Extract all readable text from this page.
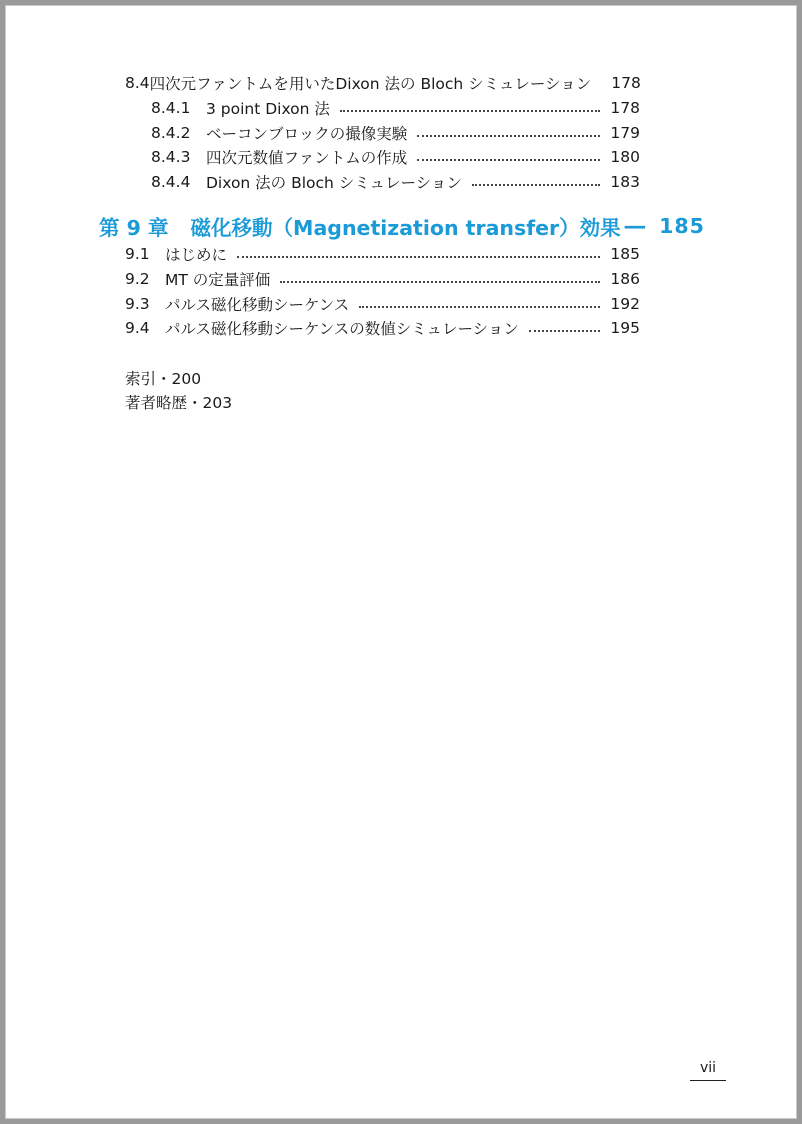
8.4 四次元ファントムを用いたDixon 法の Bloch シミュレーション 178
8.4.1	3 point Dixon 法	178
8.4.2	ベーコンブロックの撮像実験	179
8.4.3	四次元数値ファントムの作成	180
8.4.4	Dixon 法の Bloch シミュレーション	183
第 9 章 磁化移動（Magnetization transfer）効果 ― 185
9.1 はじめに	185
9.2 MT の定量評価	186
9.3 パルス磁化移動シーケンス	192
9.4 パルス磁化移動シーケンスの数値シミュレーション	195
索引・200
著者略歴・203
vii
